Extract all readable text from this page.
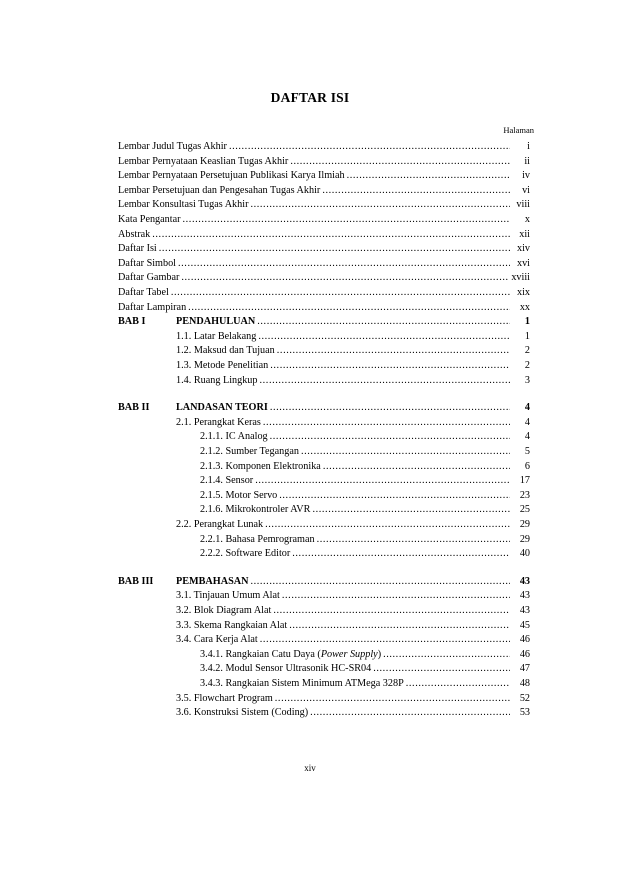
DAFTAR ISI
Halaman
Lembar Judul Tugas Akhir .....	i
Lembar Pernyataan Keaslian Tugas Akhir .....	ii
Lembar Pernyataan Persetujuan Publikasi Karya Ilmiah .....	iv
Lembar Persetujuan dan Pengesahan Tugas Akhir .....	vi
Lembar Konsultasi Tugas Akhir .....	viii
Kata Pengantar .....	x
Abstrak .....	xii
Daftar Isi .....	xiv
Daftar Simbol .....	xvi
Daftar Gambar .....	xviii
Daftar Tabel .....	xix
Daftar Lampiran .....	xx
BAB I	PENDAHULUAN .....	1
1.1. Latar Belakang .....	1
1.2. Maksud dan Tujuan .....	2
1.3. Metode Penelitian .....	2
1.4. Ruang Lingkup .....	3
BAB II	LANDASAN TEORI .....	4
2.1. Perangkat Keras .....	4
2.1.1. IC Analog .....	4
2.1.2. Sumber Tegangan .....	5
2.1.3. Komponen Elektronika .....	6
2.1.4. Sensor .....	17
2.1.5. Motor Servo .....	23
2.1.6. Mikrokontroler AVR .....	25
2.2. Perangkat Lunak .....	29
2.2.1. Bahasa Pemrograman .....	29
2.2.2. Software Editor .....	40
BAB III PEMBAHASAN .....	43
3.1. Tinjauan Umum Alat .....	43
3.2. Blok Diagram Alat .....	43
3.3. Skema Rangkaian Alat .....	45
3.4. Cara Kerja Alat .....	46
3.4.1. Rangkaian Catu Daya (Power Supply) .....	46
3.4.2. Modul Sensor Ultrasonik HC-SR04 .....	47
3.4.3. Rangkaian Sistem Minimum ATMega 328P .....	48
3.5. Flowchart Program .....	52
3.6. Konstruksi Sistem (Coding) .....	53
xiv
